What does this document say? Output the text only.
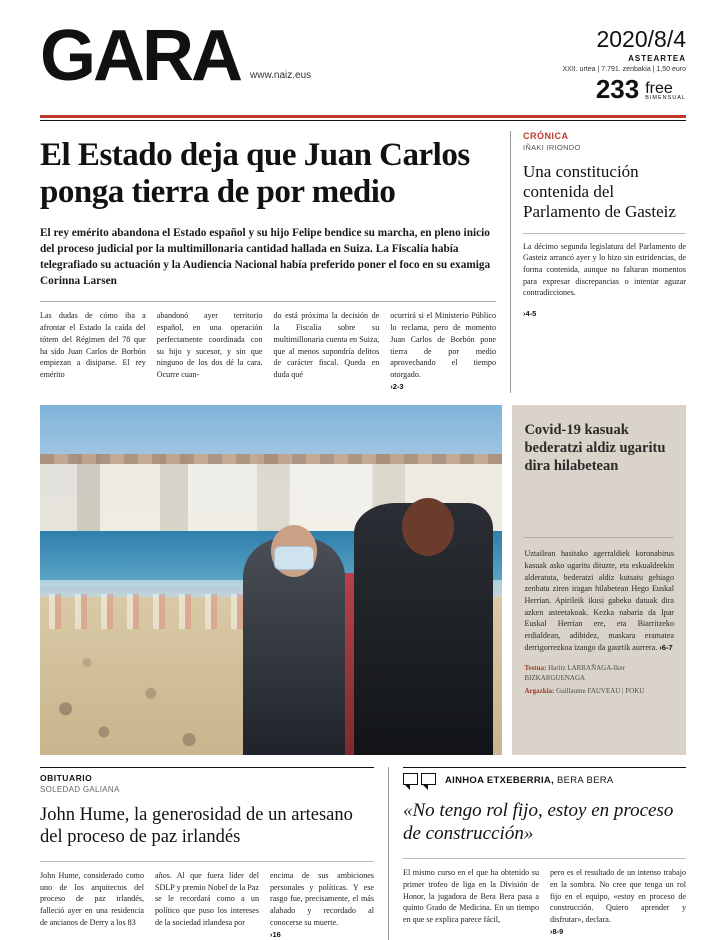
GARA www.naiz.eus
2020/8/4
ASTEARTEA
XXII. urtea | 7.791. zenbakia | 1,50 euro
233 free
BIMENSUAL
El Estado deja que Juan Carlos ponga tierra de por medio
El rey emérito abandona el Estado español y su hijo Felipe bendice su marcha, en pleno inicio del proceso judicial por la multimillonaria cantidad hallada en Suiza. La Fiscalía había telegrafiado su actuación y la Audiencia Nacional había preferido poner el foco en su examiga Corinna Larsen

Las dudas de cómo iba a afrontar el Estado la caída del tótem del Régimen del 78 que ha sido Juan Carlos de Borbón empiezan a disiparse. El rey emérito

abandonó ayer territorio español, en una operación perfectamente coordinada con su hijo y sucesor, y sin que ninguno de los dos dé la cara. Ocurre cuan-

do está próxima la decisión de la Fiscalía sobre su multimillonaria cuenta en Suiza, que al menos supondría delitos de carácter fiscal. Queda en duda qué

ocurrirá si el Ministerio Público lo reclama, pero de momento Juan Carlos de Borbón pone tierra de por medio aprovechando el tiempo otorgado.

›2-3
CRÓNICA
IÑAKI IRIONDO
Una constitución contenida del Parlamento de Gasteiz
La décimo segunda legislatura del Parlamento de Gasteiz arrancó ayer y lo hizo sin estridencias, de forma contenida, aunque no faltaran momentos para expresar discrepancias o intentar aguzar contradicciones.
›4-5
Covid-19 kasuak bederatzi aldiz ugaritu dira hilabetean
Uztailean hasitako agerraldiek koronabirus kasuak asko ugaritu dituzte, eta eskualdeekin alderatuta, bederatzi aldiz kutsatu gehiago zenbatu ziren iragan hilabetean Hego Euskal Herrian. Apirileik ikusi gabeko datuak dira azken asteetakoak. Kezka nabaria da Ipar Euskal Herrian ere, eta Biarritzeko erdialdean, adibidez, maskara eramatea derrigorrezkoa izango da gaurtik aurrera. ›6-7
Testua: Haritz LARRAÑAGA-Iker BIZKARGUENAGA
Argazkia: Guillaume FAUVEAU | FOKU
OBITUARIO
SOLEDAD GALIANA
John Hume, la generosidad de un artesano del proceso de paz irlandés

John Hume, considerado como uno de los arquitectos del proceso de paz irlandés, falleció ayer en una residencia de ancianos de Derry a los 83

años. Al que fuera líder del SDLP y premio Nobel de la Paz se le recordará como a un político que puso los intereses de la sociedad irlandesa por

encima de sus ambiciones personales y políticas. Y ese rasgo fue, precisamente, el más alabado y recordado al conocerse su muerte.

›16
AINHOA ETXEBERRIA, BERA BERA
«No tengo rol fijo, estoy en proceso de construcción»

El mismo curso en el que ha obtenido su primer trofeo de liga en la División de Honor, la jugadora de Bera Bera pasa a quinto Grado de Medicina. En un tiempo en que se explica parece fácil,

pero es el resultado de un intenso trabajo en la sombra. No cree que tenga un rol fijo en el equipo, «estoy en proceso de construcción. Quiero aprender y disfrutar», declara.

›8-9
